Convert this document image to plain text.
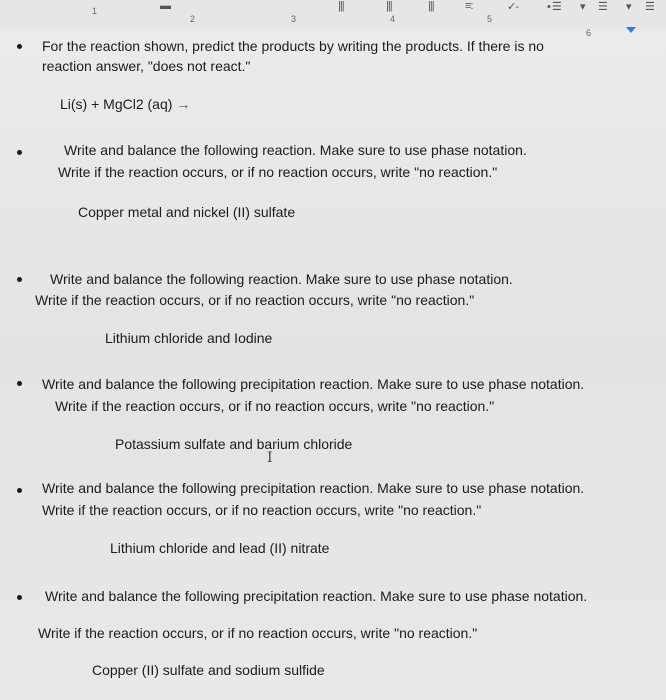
1
2	3	4	5
6
▬	|||	|||	|||	≡:	✓-	• ☰ ▾ ☰ ▾ ☰
For the reaction shown, predict the products by writing the products. If there is no
reaction answer, "does not react."
Li(s) + MgCl2 (aq) →
Write and balance the following reaction. Make sure to use phase notation.
Write if the reaction occurs, or if no reaction occurs, write "no reaction."
Copper metal and nickel (II) sulfate
Write and balance the following reaction. Make sure to use phase notation.
Write if the reaction occurs, or if no reaction occurs, write "no reaction."
Lithium chloride and Iodine
Write and balance the following precipitation reaction. Make sure to use phase notation.
Write if the reaction occurs, or if no reaction occurs, write "no reaction."
Potassium sulfate and barium chloride
I
Write and balance the following precipitation reaction. Make sure to use phase notation.
Write if the reaction occurs, or if no reaction occurs, write "no reaction."
Lithium chloride and lead (II) nitrate
Write and balance the following precipitation reaction. Make sure to use phase notation.
Write if the reaction occurs, or if no reaction occurs, write "no reaction."
Copper (II) sulfate and sodium sulfide
